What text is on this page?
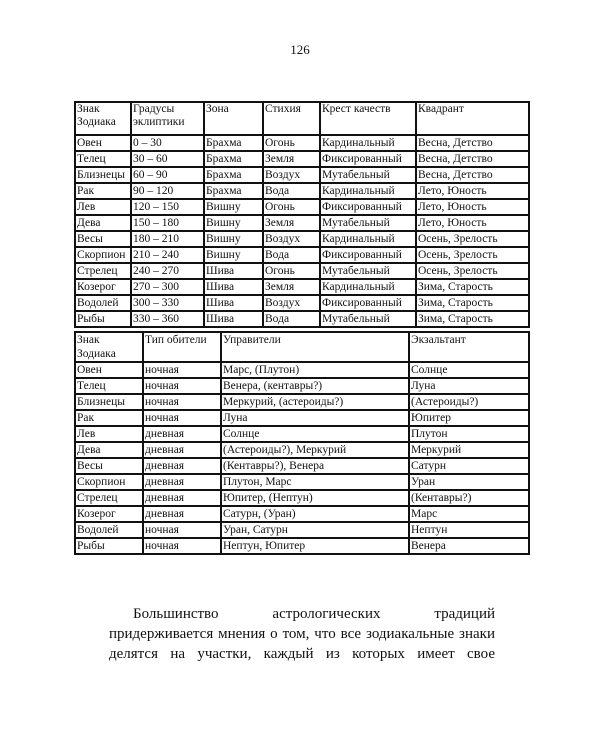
126
Знак Зодиака	Градусы эклиптики	Зона	Стихия	Крест качеств	Квадрант
Овен	0 – 30	Брахма	Огонь	Кардинальный	Весна, Детство
Телец	30 – 60	Брахма	Земля	Фиксированный	Весна, Детство
Близнецы	60 – 90	Брахма	Воздух	Мутабельный	Весна, Детство
Рак	90 – 120	Брахма	Вода	Кардинальный	Лето, Юность
Лев	120 – 150	Вишну	Огонь	Фиксированный	Лето, Юность
Дева	150 – 180	Вишну	Земля	Мутабельный	Лето, Юность
Весы	180 – 210	Вишну	Воздух	Кардинальный	Осень, Зрелость
Скорпион	210 – 240	Вишну	Вода	Фиксированный	Осень, Зрелость
Стрелец	240 – 270	Шива	Огонь	Мутабельный	Осень, Зрелость
Козерог	270 – 300	Шива	Земля	Кардинальный	Зима, Старость
Водолей	300 – 330	Шива	Воздух	Фиксированный	Зима, Старость
Рыбы	330 – 360	Шива	Вода	Мутабельный	Зима, Старость
Знак Зодиака	Тип обители	Управители	Экзальтант
Овен	ночная	Марс, (Плутон)	Солнце
Телец	ночная	Венера, (кентавры?)	Луна
Близнецы	ночная	Меркурий, (астероиды?)	(Астероиды?)
Рак	ночная	Луна	Юпитер
Лев	дневная	Солнце	Плутон
Дева	дневная	(Астероиды?), Меркурий	Меркурий
Весы	дневная	(Кентавры?), Венера	Сатурн
Скорпион	дневная	Плутон, Марс	Уран
Стрелец	дневная	Юпитер, (Нептун)	(Кентавры?)
Козерог	дневная	Сатурн, (Уран)	Марс
Водолей	ночная	Уран, Сатурн	Нептун
Рыбы	ночная	Нептун, Юпитер	Венера
Большинство астрологических традиций
придерживается мнения о том, что все зодиакальные знаки
делятся на участки, каждый из которых имеет свое
